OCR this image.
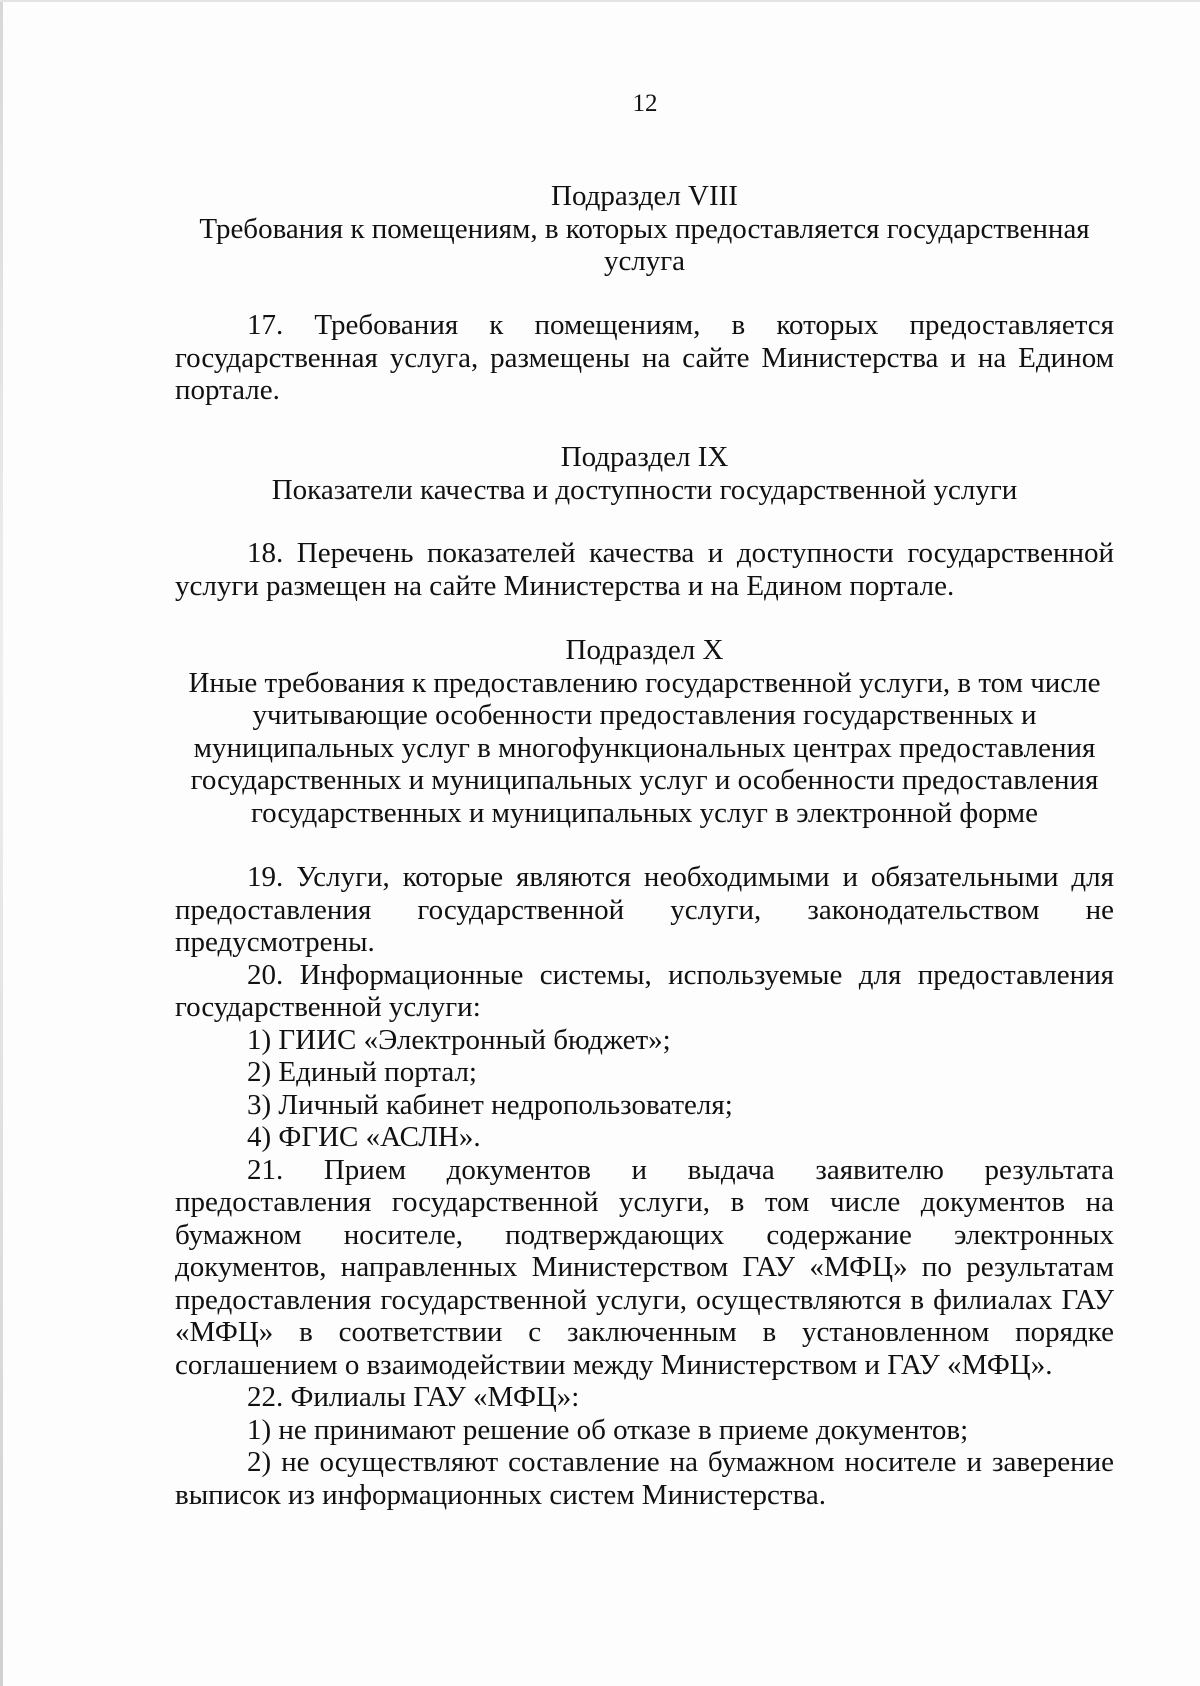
12

Подраздел VIII

Требования к помещениям, в которых предоставляется государственная

услуга

17. Требования к помещениям, в которых предоставляется государственная услуга, размещены на сайте Министерства и на Едином портале.

Подраздел IX

Показатели качества и доступности государственной услуги

18. Перечень показателей качества и доступности государственной услуги размещен на сайте Министерства и на Едином портале.

Подраздел X

Иные требования к предоставлению государственной услуги, в том числе

учитывающие особенности предоставления государственных и

муниципальных услуг в многофункциональных центрах предоставления

государственных и муниципальных услуг и особенности предоставления

государственных и муниципальных услуг в электронной форме

19. Услуги, которые являются необходимыми и обязательными для предоставления государственной услуги, законодательством не предусмотрены.

20. Информационные системы, используемые для предоставления государственной услуги:

1) ГИИС «Электронный бюджет»;

2) Единый портал;

3) Личный кабинет недропользователя;

4) ФГИС «АСЛН».

21. Прием документов и выдача заявителю результата предоставления государственной услуги, в том числе документов на бумажном носителе, подтверждающих содержание электронных документов, направленных Министерством ГАУ «МФЦ» по результатам предоставления государственной услуги, осуществляются в филиалах ГАУ «МФЦ» в соответствии с заключенным в установленном порядке соглашением о взаимодействии между Министерством и ГАУ «МФЦ».

22. Филиалы ГАУ «МФЦ»:

1) не принимают решение об отказе в приеме документов;

2) не осуществляют составление на бумажном носителе и заверение выписок из информационных систем Министерства.
